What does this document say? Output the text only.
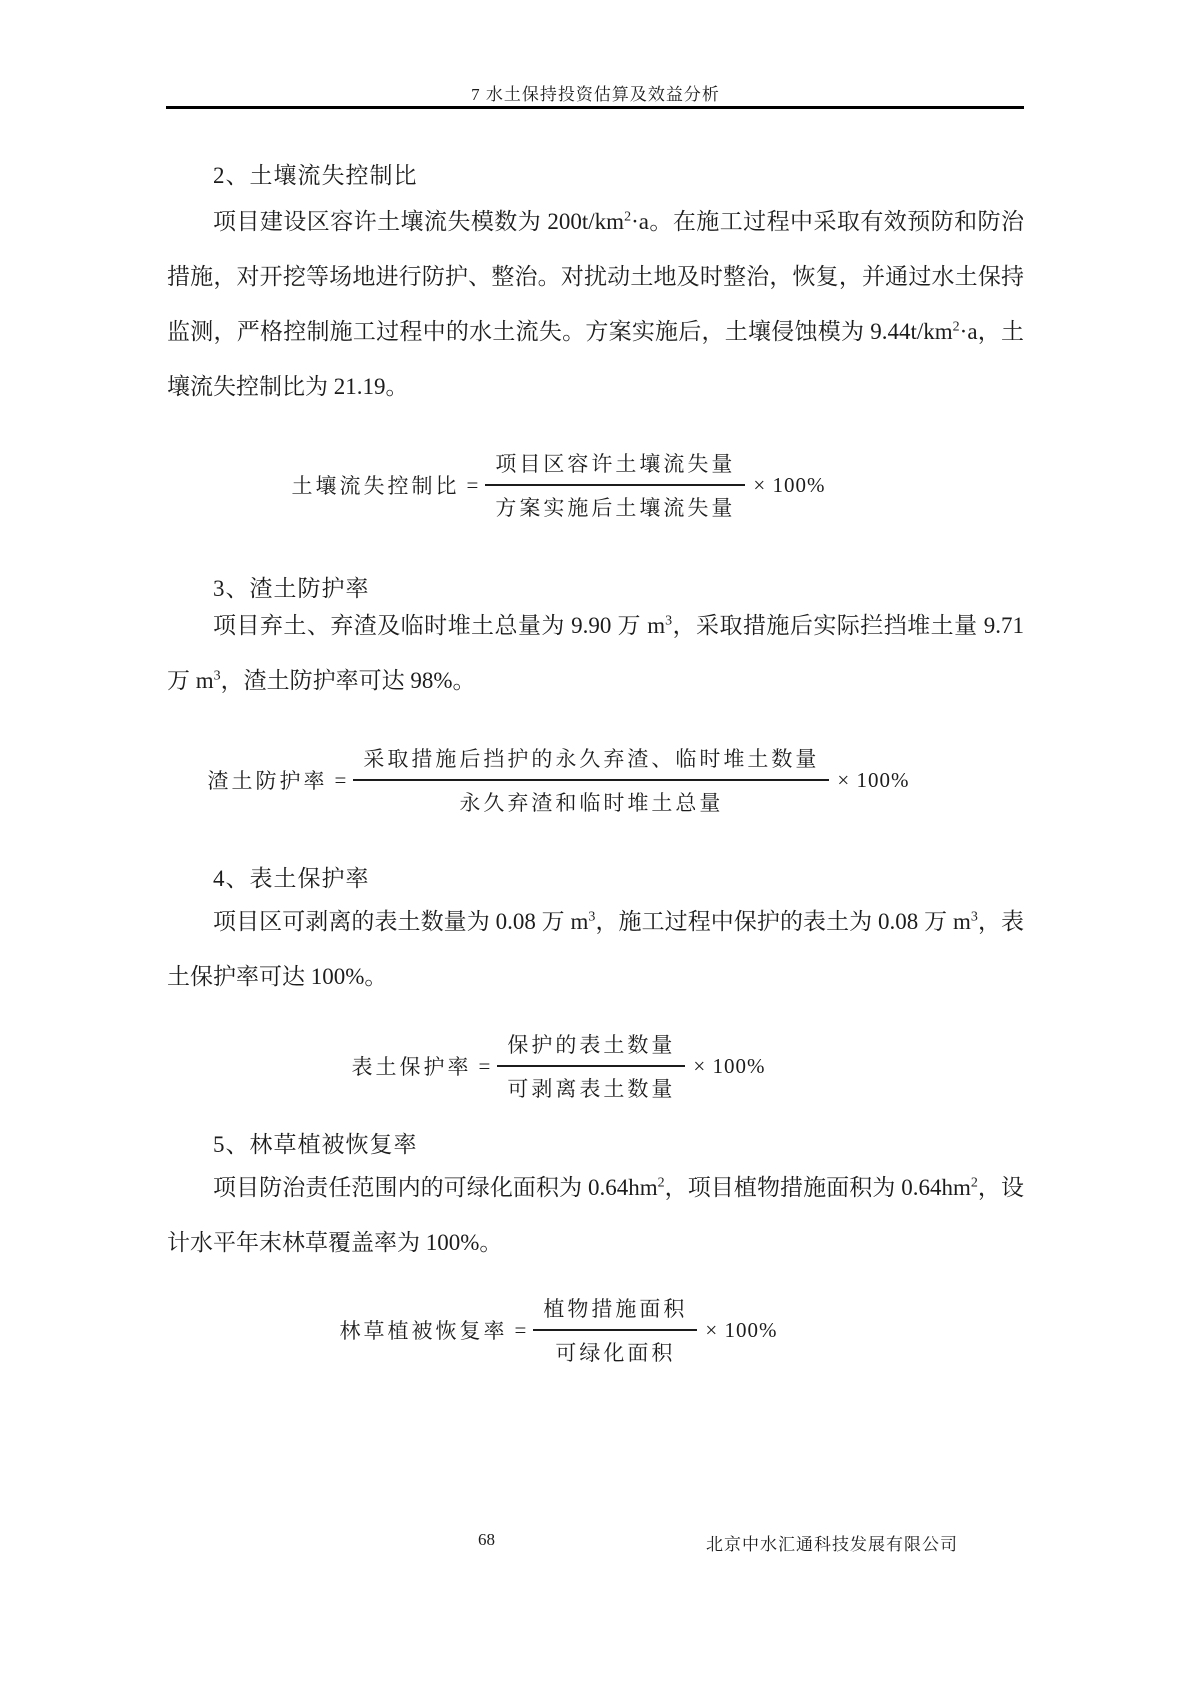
7 水土保持投资估算及效益分析
2、土壤流失控制比

项目建设区容许土壤流失模数为 $200t/km^2\cdot a$。在施工过程中采取有效预防和防治措施，对开挖等场地进行防护、整治。对扰动土地及时整治，恢复，并通过水土保持监测，严格控制施工过程中的水土流失。方案实施后，土壤侵蚀模为 $9.44t/km^2\cdot a$，土壤流失控制比为 21.19。

土壤流失控制比 = $\frac{\text{项目区容许土壤流失量}}{\text{方案实施后土壤流失量}} \times 100\%$
3、渣土防护率

项目弃土、弃渣及临时堆土总量为 9.90 万 $m^3$，采取措施后实际拦挡堆土量 9.71 万 $m^3$，渣土防护率可达 98%。

渣土防护率 = $\frac{\text{采取措施后挡护的永久弃渣、临时堆土数量}}{\text{永久弃渣和临时堆土总量}} \times 100\%$
4、表土保护率

项目区可剥离的表土数量为 0.08 万 $m^3$，施工过程中保护的表土为 0.08 万 $m^3$，表土保护率可达 100%。

表土保护率 = $\frac{\text{保护的表土数量}}{\text{可剥离表土数量}} \times 100\%$
5、林草植被恢复率

项目防治责任范围内的可绿化面积为 $0.64hm^2$，项目植物措施面积为 $0.64hm^2$，设计水平年末林草覆盖率为 100%。

林草植被恢复率 = $\frac{\text{植物措施面积}}{\text{可绿化面积}} \times 100\%$
68	北京中水汇通科技发展有限公司
